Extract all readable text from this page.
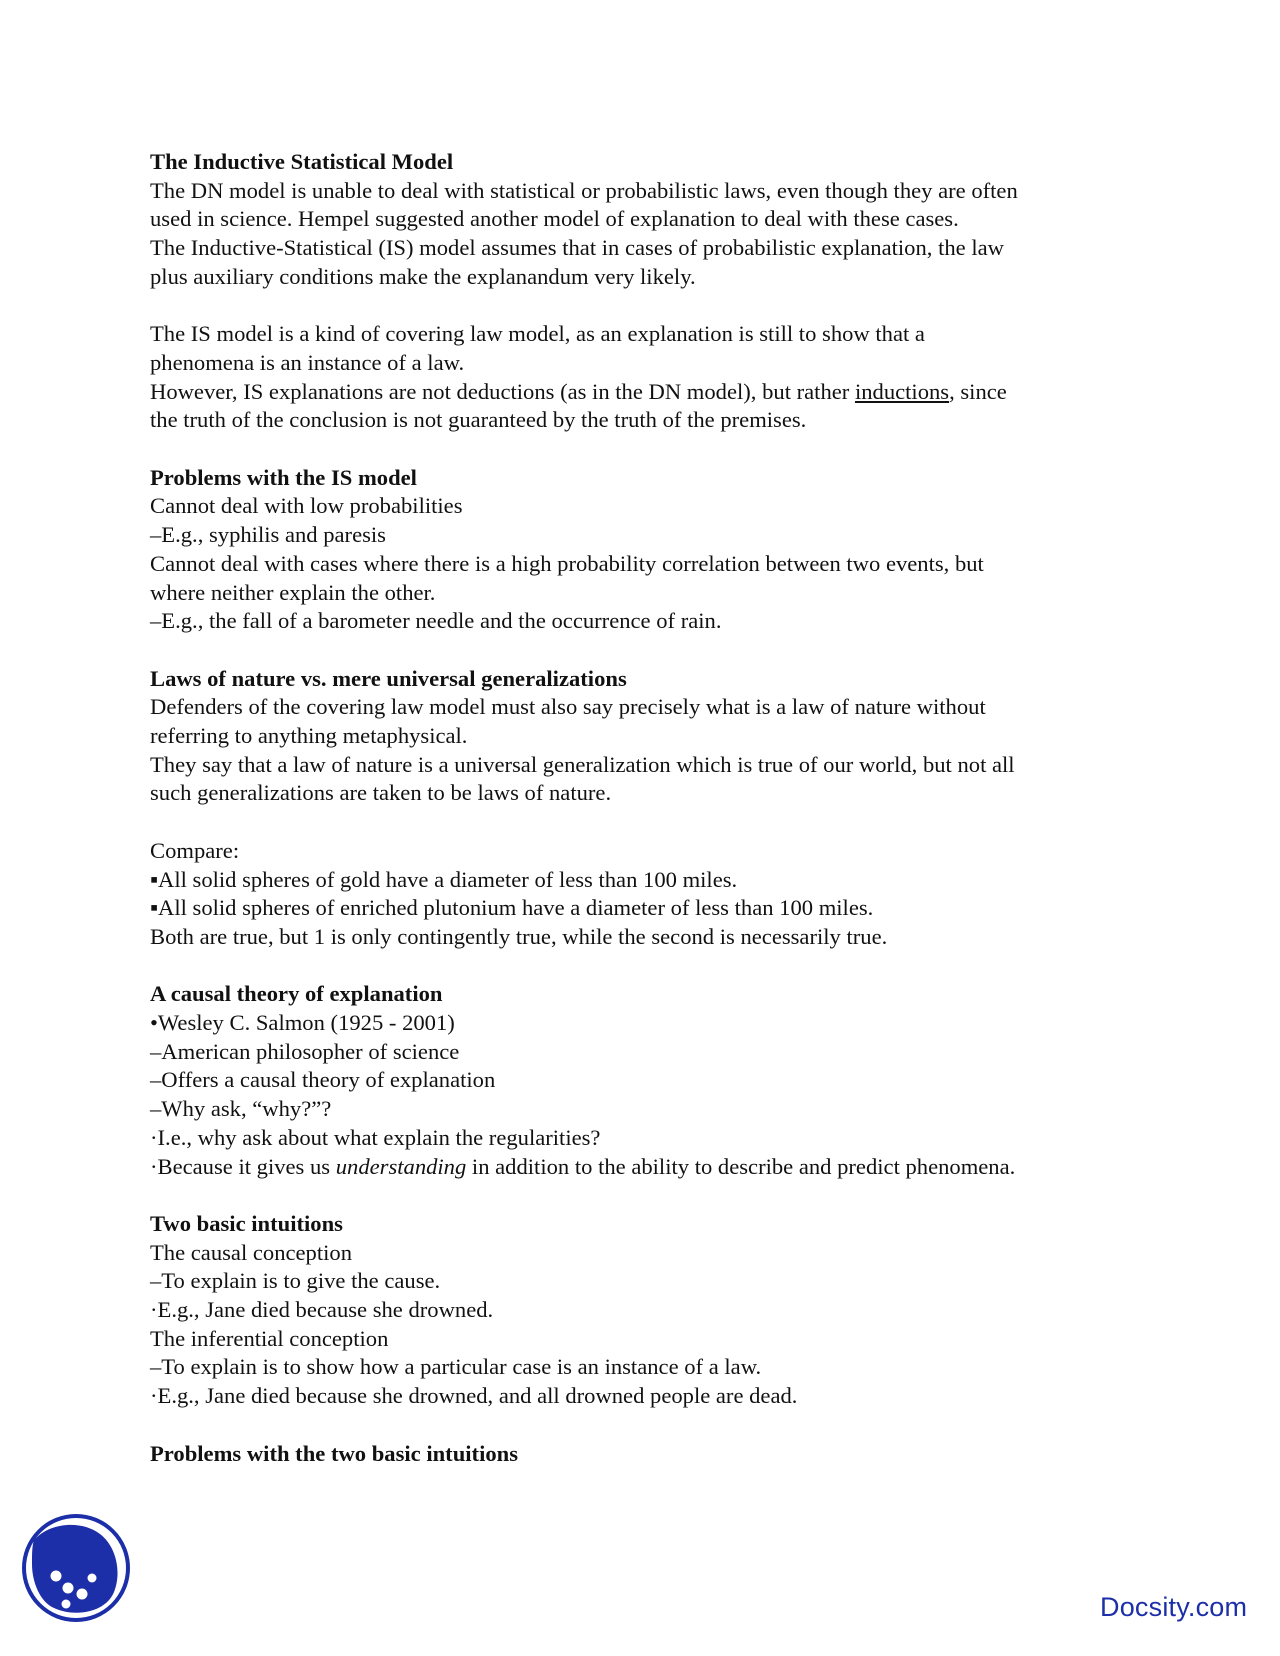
The Inductive Statistical Model
The DN model is unable to deal with statistical or probabilistic laws, even though they are often
used in science. Hempel suggested another model of explanation to deal with these cases.
The Inductive-Statistical (IS) model assumes that in cases of probabilistic explanation, the law
plus auxiliary conditions make the explanandum very likely.
The IS model is a kind of covering law model, as an explanation is still to show that a
phenomena is an instance of a law.
However, IS explanations are not deductions (as in the DN model), but rather inductions, since
the truth of the conclusion is not guaranteed by the truth of the premises.
Problems with the IS model
Cannot deal with low probabilities
–E.g., syphilis and paresis
Cannot deal with cases where there is a high probability correlation between two events, but
where neither explain the other.
–E.g., the fall of a barometer needle and the occurrence of rain.
Laws of nature vs. mere universal generalizations
Defenders of the covering law model must also say precisely what is a law of nature without
referring to anything metaphysical.
They say that a law of nature is a universal generalization which is true of our world, but not all
such generalizations are taken to be laws of nature.
Compare:
▪All solid spheres of gold have a diameter of less than 100 miles.
▪All solid spheres of enriched plutonium have a diameter of less than 100 miles.
Both are true, but 1 is only contingently true, while the second is necessarily true.
A causal theory of explanation
•Wesley C. Salmon (1925 - 2001)
–American philosopher of science
–Offers a causal theory of explanation
–Why ask, “why?”?
·I.e., why ask about what explain the regularities?
·Because it gives us understanding in addition to the ability to describe and predict phenomena.
Two basic intuitions
The causal conception
–To explain is to give the cause.
·E.g., Jane died because she drowned.
The inferential conception
–To explain is to show how a particular case is an instance of a law.
·E.g., Jane died because she drowned, and all drowned people are dead.
Problems with the two basic intuitions
Docsity.com
